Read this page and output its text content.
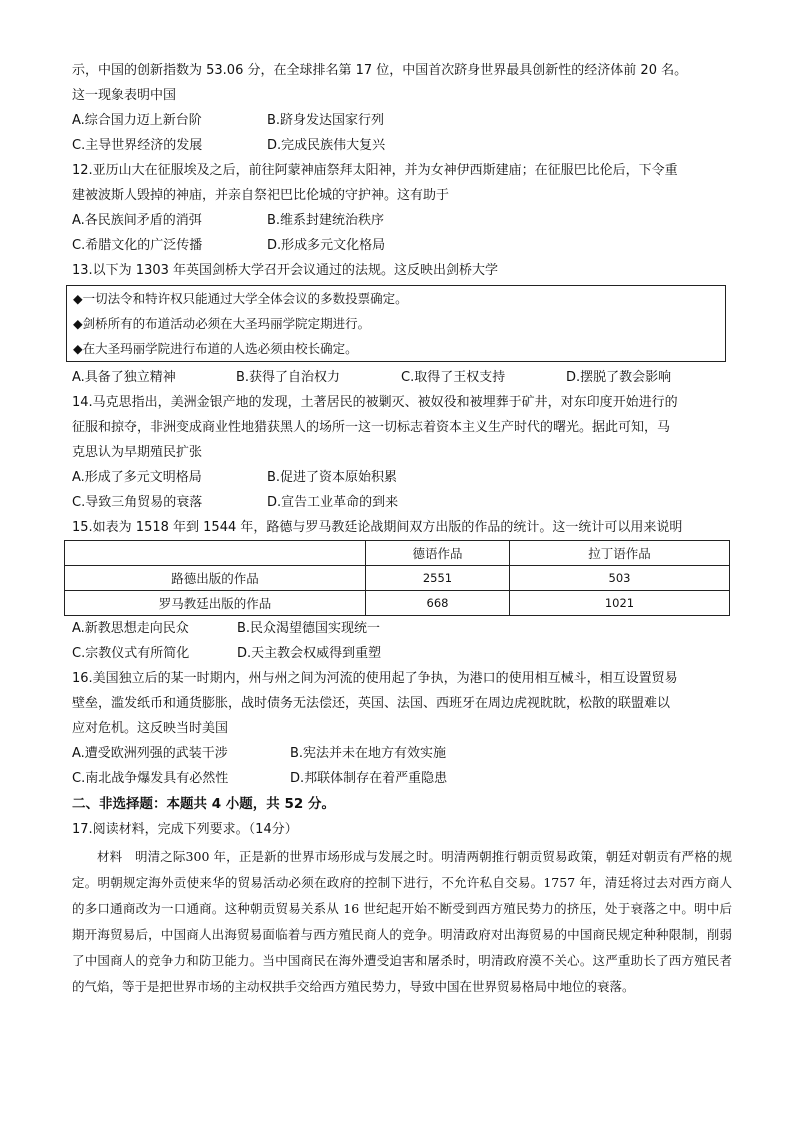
示，中国的创新指数为 53.06 分，在全球排名第 17 位，中国首次跻身世界最具创新性的经济体前 20 名。
这一现象表明中国
A.综合国力迈上新台阶	B.跻身发达国家行列
C.主导世界经济的发展	D.完成民族伟大复兴
12.亚历山大在征服埃及之后，前往阿蒙神庙祭拜太阳神，并为女神伊西斯建庙；在征服巴比伦后，下令重
建被波斯人毁掉的神庙，并亲自祭祀巴比伦城的守护神。这有助于
A.各民族间矛盾的消弭	B.维系封建统治秩序
C.希腊文化的广泛传播	D.形成多元文化格局
13.以下为 1303 年英国剑桥大学召开会议通过的法规。这反映出剑桥大学
◆一切法令和特许权只能通过大学全体会议的多数投票确定。
◆剑桥所有的布道活动必须在大圣玛丽学院定期进行。
◆在大圣玛丽学院进行布道的人选必须由校长确定。
A.具备了独立精神	B.获得了自治权力	C.取得了王权支持	D.摆脱了教会影响
14.马克思指出，美洲金银产地的发现，土著居民的被剿灭、被奴役和被埋葬于矿井，对东印度开始进行的
征服和掠夺，非洲变成商业性地猎获黑人的场所一这一切标志着资本主义生产时代的曙光。据此可知，马
克思认为早期殖民扩张
A.形成了多元文明格局	B.促进了资本原始积累
C.导致三角贸易的衰落	D.宣告工业革命的到来
15.如表为 1518 年到 1544 年，路德与罗马教廷论战期间双方出版的作品的统计。这一统计可以用来说明
	德语作品	拉丁语作品
路德出版的作品	2551	503
罗马教廷出版的作品	668	1021
A.新教思想走向民众	B.民众渴望德国实现统一
C.宗教仪式有所简化	D.天主教会权威得到重塑
16.美国独立后的某一时期内，州与州之间为河流的使用起了争执，为港口的使用相互械斗，相互设置贸易
壁垒，滥发纸币和通货膨胀，战时债务无法偿还，英国、法国、西班牙在周边虎视眈眈，松散的联盟难以
应对危机。这反映当时美国
A.遭受欧洲列强的武装干涉	B.宪法并未在地方有效实施
C.南北战争爆发具有必然性	D.邦联体制存在着严重隐患
二、非选择题：本题共 4 小题，共 52 分。
17.阅读材料，完成下列要求。（14分）
材料　明清之际300 年，正是新的世界市场形成与发展之时。明清两朝推行朝贡贸易政策，朝廷对朝贡有严格的规定。明朝规定海外贡使来华的贸易活动必须在政府的控制下进行，不允许私自交易。1757 年，清廷将过去对西方商人的多口通商改为一口通商。这种朝贡贸易关系从 16 世纪起开始不断受到西方殖民势力的挤压，处于衰落之中。明中后期开海贸易后，中国商人出海贸易面临着与西方殖民商人的竞争。明清政府对出海贸易的中国商民规定种种限制，削弱了中国商人的竞争力和防卫能力。当中国商民在海外遭受迫害和屠杀时，明清政府漠不关心。这严重助长了西方殖民者的气焰，等于是把世界市场的主动权拱手交给西方殖民势力，导致中国在世界贸易格局中地位的衰落。
